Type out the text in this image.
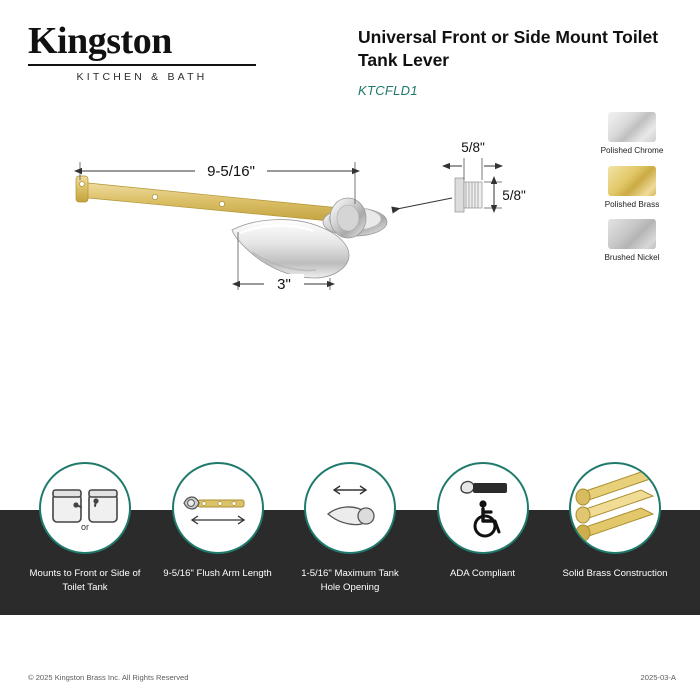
Kingston
KITCHEN & BATH
Universal Front or Side Mount Toilet Tank Lever
KTCFLD1
Polished Chrome
Polished Brass
Brushed Nickel
9-5/16"
3"
5/8"
5/8"
or
Mounts to Front or Side of Toilet Tank
9-5/16" Flush Arm Length	1-5/16" Maximum Tank Hole Opening
ADA Compliant	Solid Brass Construction
© 2025 Kingston Brass Inc. All Rights Reserved	2025-03-A
